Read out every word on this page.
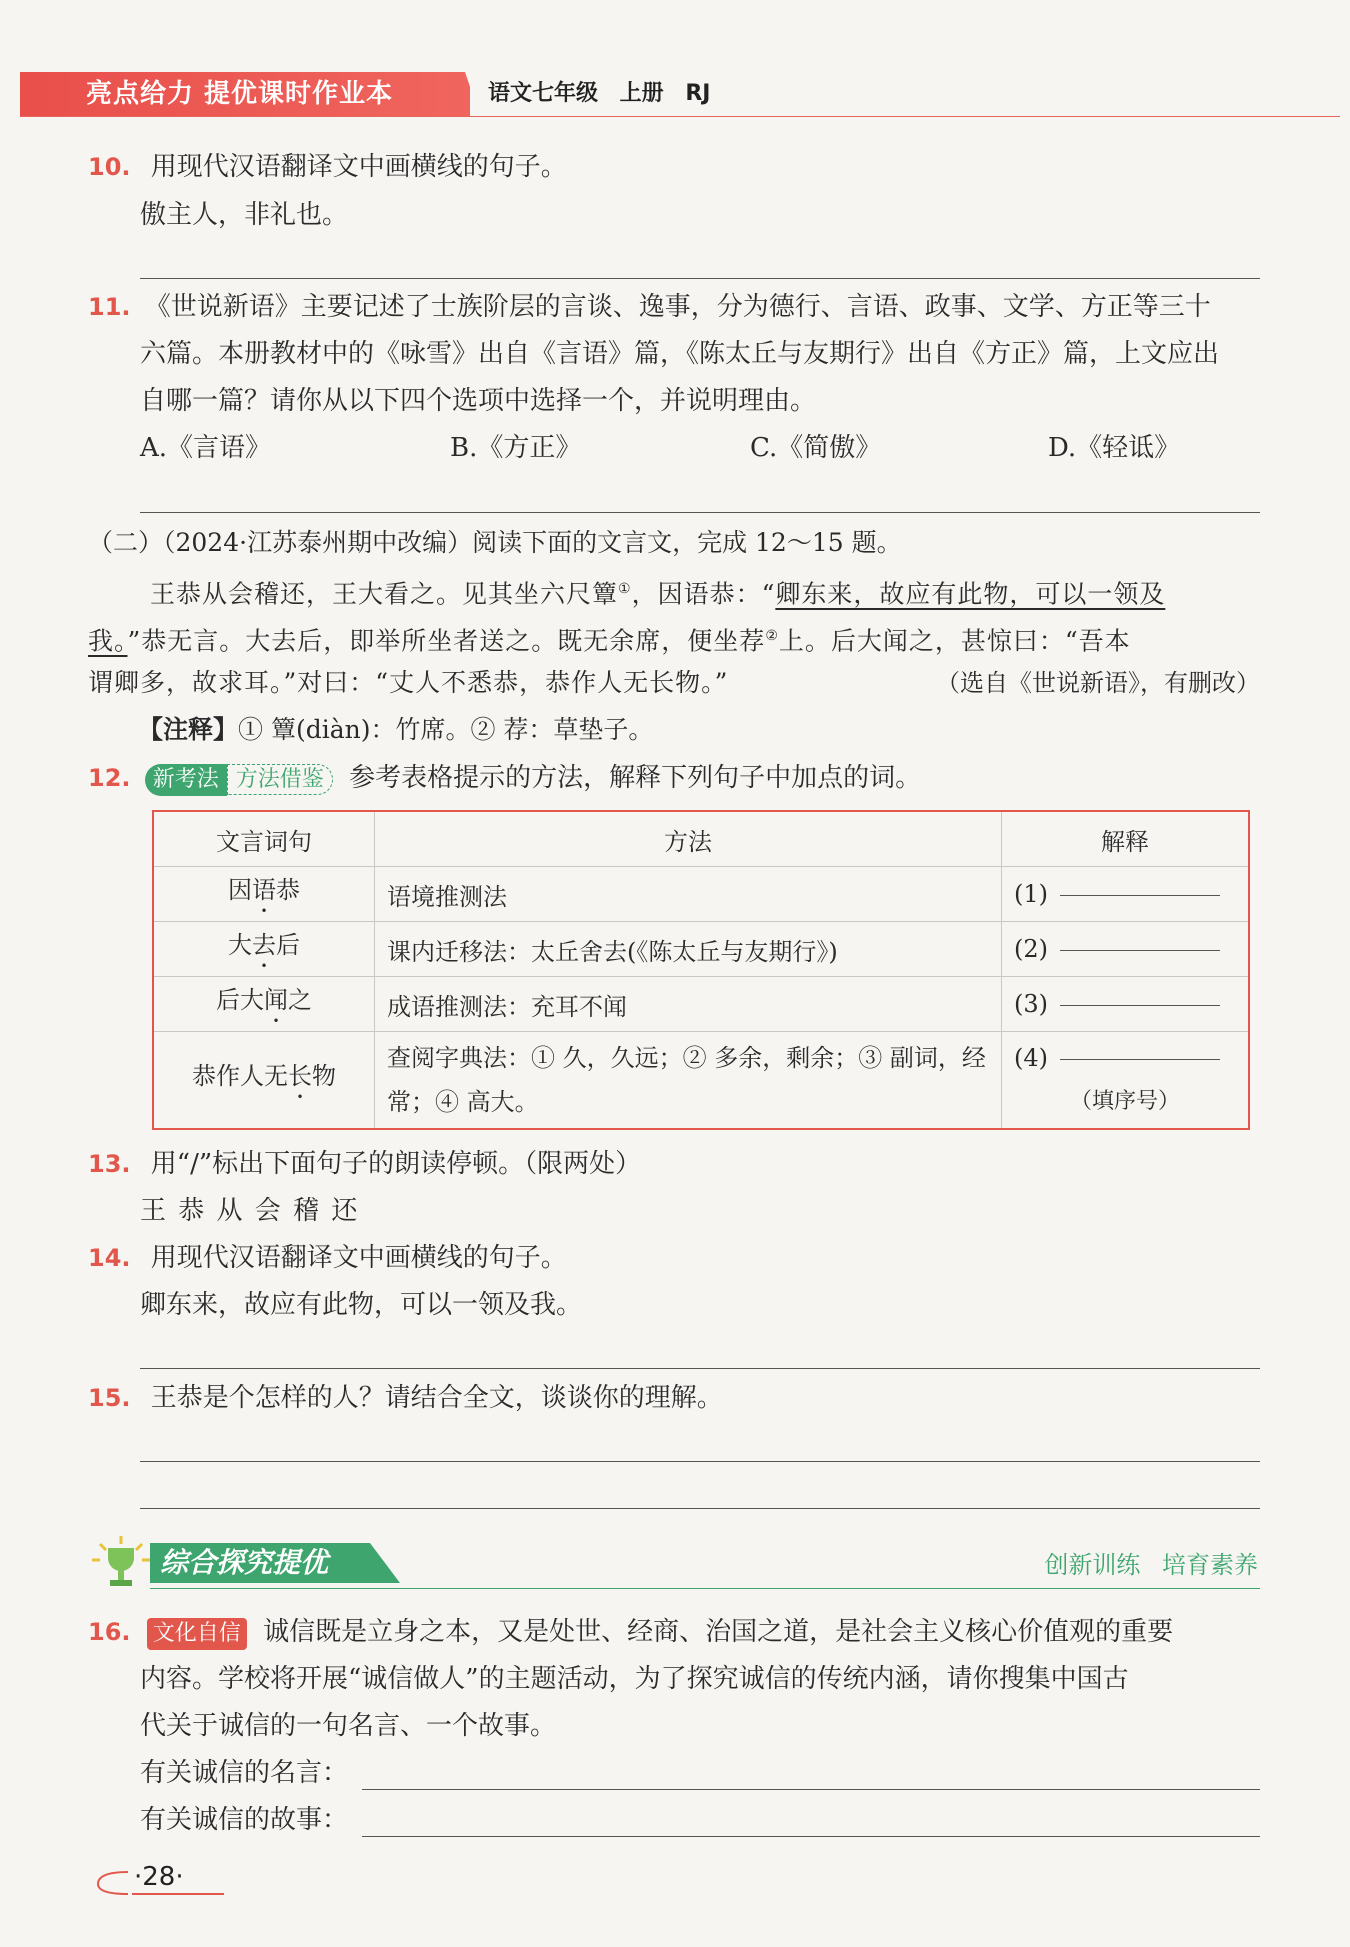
亮点给力 提优课时作业本	语文七年级 上册 RJ
10. 用现代汉语翻译文中画横线的句子。
傲主人，非礼也。
11. 《世说新语》主要记述了士族阶层的言谈、逸事，分为德行、言语、政事、文学、方正等三十
六篇。本册教材中的《咏雪》出自《言语》篇，《陈太丘与友期行》出自《方正》篇，上文应出
自哪一篇？请你从以下四个选项中选择一个，并说明理由。
A.《言语》	B.《方正》	C.《简傲》	D.《轻诋》
（二）（2024·江苏泰州期中改编）阅读下面的文言文，完成 12～15 题。
王恭从会稽还，王大看之。见其坐六尺簟①，因语恭：“卿东来，故应有此物，可以一领及
我。”恭无言。大去后，即举所坐者送之。既无余席，便坐荐②上。后大闻之，甚惊曰：“吾本
谓卿多，故求耳。”对曰：“丈人不悉恭，恭作人无长物。”	（选自《世说新语》，有删改）
【注释】① 簟(diàn)：竹席。② 荐：草垫子。
12. 新考法 方法借鉴 参考表格提示的方法，解释下列句子中加点的词。
文言词句	方法	解释
因语恭	语境推测法	(1)
大去后	课内迁移法：太丘舍去(《陈太丘与友期行》)	(2)
后大闻之	成语推测法：充耳不闻	(3)
恭作人无长物	查阅字典法：① 久，久远；② 多余，剩余；③ 副词，经常；④ 高大。	(4)
（填序号）
13. 用“/”标出下面句子的朗读停顿。（限两处）
王 恭 从 会 稽 还
14. 用现代汉语翻译文中画横线的句子。
卿东来，故应有此物，可以一领及我。
15. 王恭是个怎样的人？请结合全文，谈谈你的理解。
综合探究提优	创新训练 培育素养
16. 文化自信 诚信既是立身之本，又是处世、经商、治国之道，是社会主义核心价值观的重要
内容。学校将开展“诚信做人”的主题活动，为了探究诚信的传统内涵，请你搜集中国古
代关于诚信的一句名言、一个故事。
有关诚信的名言：
有关诚信的故事：
·28·
